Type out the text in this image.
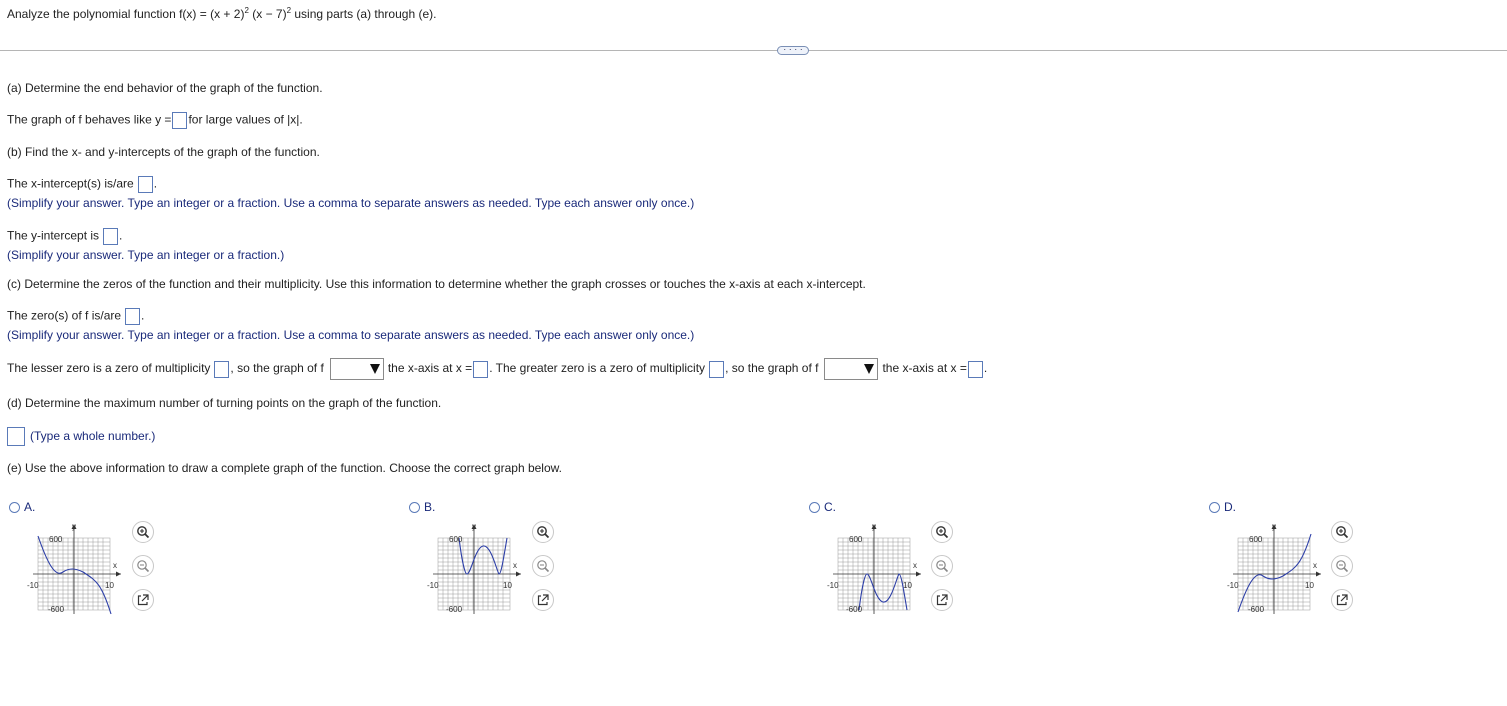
Analyze the polynomial function $f(x) = (x + 2)^2$ $(x - 7)^2$ using parts (a) through (e).
· · · ·
(a) Determine the end behavior of the graph of the function.
The graph of f behaves like y = for large values of |x|.
(b) Find the x- and y-intercepts of the graph of the function.
The x-intercept(s) is/are .
(Simplify your answer. Type an integer or a fraction. Use a comma to separate answers as needed. Type each answer only once.)
The y-intercept is .
(Simplify your answer. Type an integer or a fraction.)
(c) Determine the zeros of the function and their multiplicity. Use this information to determine whether the graph crosses or touches the x-axis at each x-intercept.
The zero(s) of f is/are .
(Simplify your answer. Type an integer or a fraction. Use a comma to separate answers as needed. Type each answer only once.)
The lesser zero is a zero of multiplicity , so the graph of f	the x-axis at x = . The greater zero is a zero of multiplicity , so the graph of f	the x-axis at x = .
(d) Determine the maximum number of turning points on the graph of the function.
(Type a whole number.)
(e) Use the above information to draw a complete graph of the function. Choose the correct graph below.
A.
y
x
600
-600
-10	10
B.
y
x
600
-600
-10	10
C.
y
x
600
-600
-10	10
D.
y
x
600
-600
-10	10
